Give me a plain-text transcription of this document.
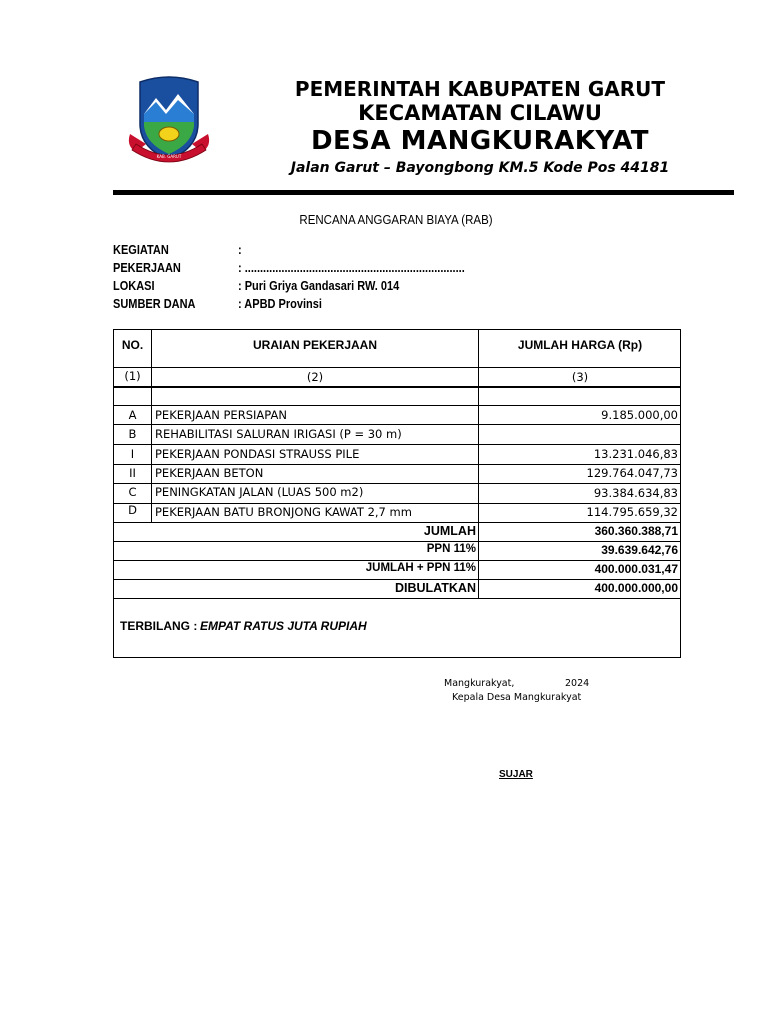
KAB. GARUT
PEMERINTAH KABUPATEN GARUT
KECAMATAN CILAWU
DESA MANGKURAKYAT
Jalan Garut – Bayongbong KM.5 Kode Pos 44181
RENCANA ANGGARAN BIAYA (RAB)
KEGIATAN	:
PEKERJAAN	: ........................................................................
LOKASI	: Puri Griya Gandasari RW. 014
SUMBER DANA	: APBD Provinsi
NO.	URAIAN PEKERJAAN	JUMLAH HARGA (Rp)
(1)	(2)	(3)
A	PEKERJAAN PERSIAPAN	9.185.000,00
B	REHABILITASI SALURAN IRIGASI (P = 30 m)
I	PEKERJAAN PONDASI STRAUSS PILE	13.231.046,83
II	PEKERJAAN BETON	129.764.047,73
C	PENINGKATAN JALAN (LUAS 500 m2)	93.384.634,83
D	PEKERJAAN BATU BRONJONG KAWAT 2,7 mm	114.795.659,32
JUMLAH	360.360.388,71
PPN 11%	39.639.642,76
JUMLAH + PPN 11%	400.000.031,47
DIBULATKAN	400.000.000,00
TERBILANG : EMPAT RATUS JUTA RUPIAH
Mangkurakyat,	2024
Kepala Desa Mangkurakyat
SUJAR
